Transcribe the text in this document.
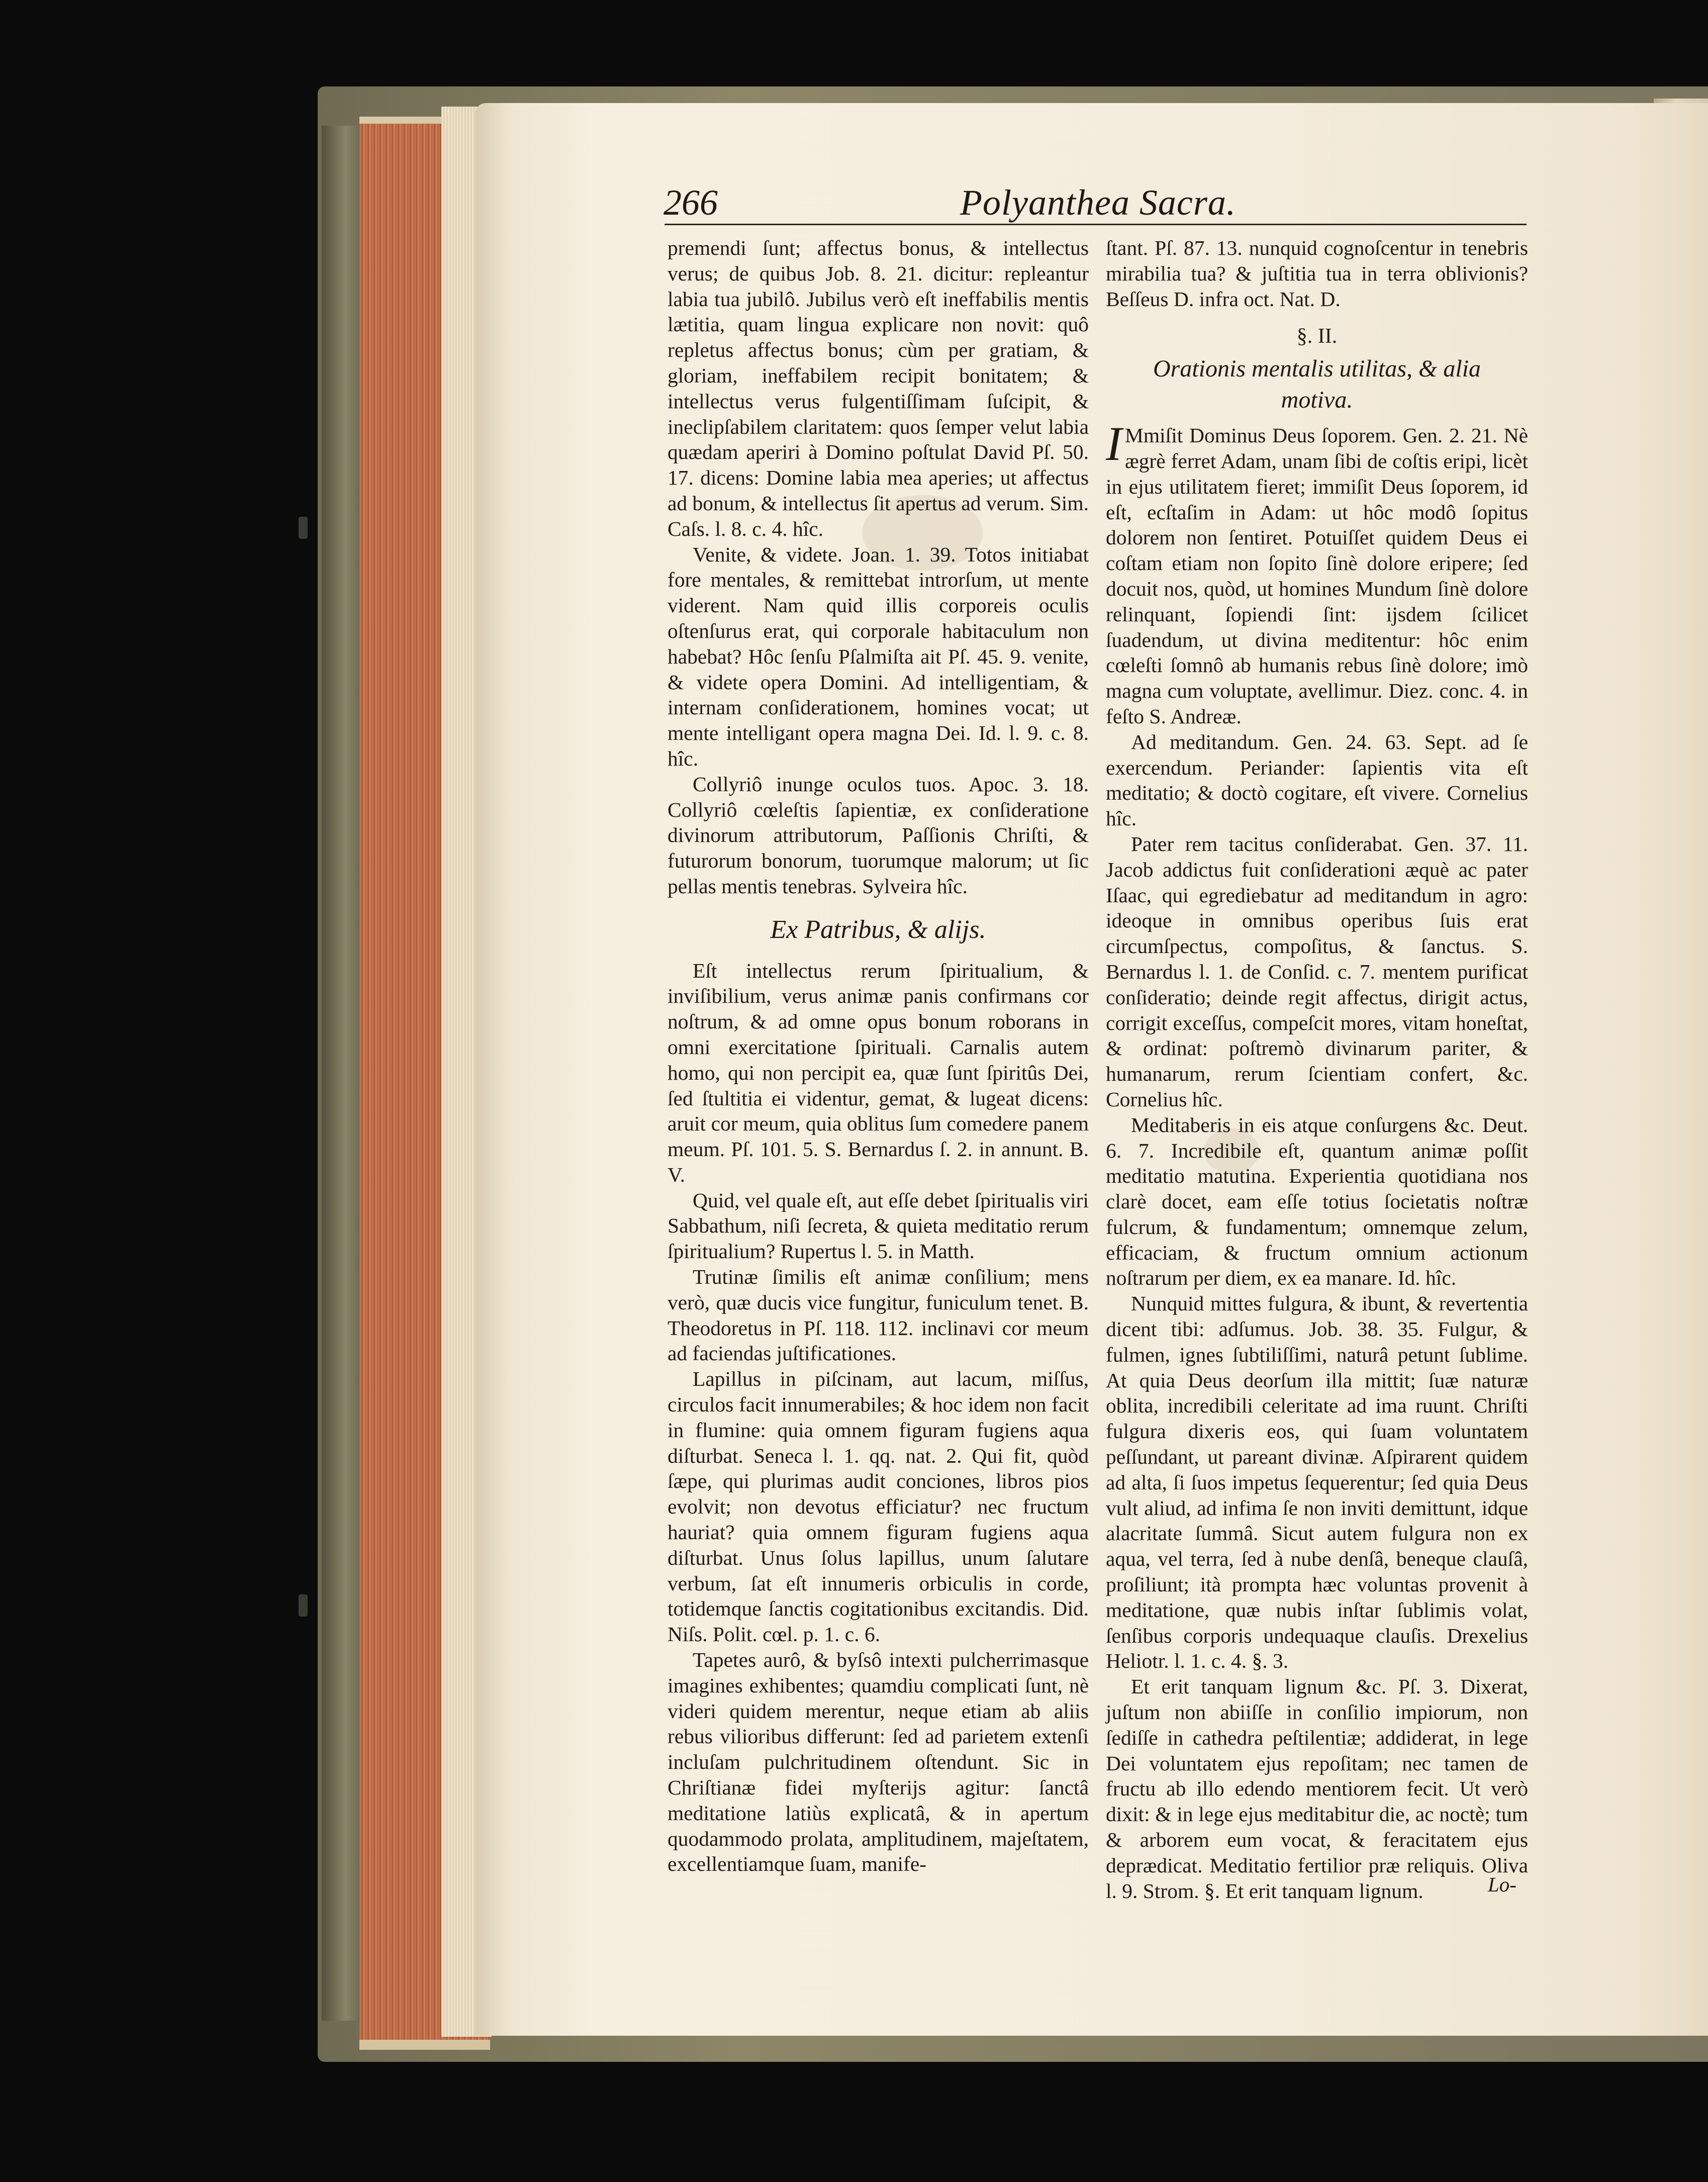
266	Polyanthea Sacra.

premendi ſunt; affectus bonus, & intellectus verus; de quibus Job. 8. 21. dicitur: repleantur labia tua jubilô. Jubilus verò eſt ineffabilis mentis lætitia, quam lingua explicare non novit: quô repletus affectus bonus; cùm per gratiam, & gloriam, ineffabilem recipit bonitatem; & intellectus verus fulgentiſſimam ſuſcipit, & ineclipſabilem claritatem: quos ſemper velut labia quædam aperiri à Domino poſtulat David Pſ. 50. 17. dicens: Domine labia mea aperies; ut affectus ad bonum, & intellectus ſit apertus ad verum. Sim. Caſs. l. 8. c. 4. hîc.

Venite, & videte. Joan. 1. 39. Totos initiabat fore mentales, & remittebat introrſum, ut mente viderent. Nam quid illis corporeis oculis oſtenſurus erat, qui corporale habitaculum non habebat? Hôc ſenſu Pſalmiſta ait Pſ. 45. 9. venite, & videte opera Domini. Ad intelligentiam, & internam conſiderationem, homines vocat; ut mente intelligant opera magna Dei. Id. l. 9. c. 8. hîc.

Collyriô inunge oculos tuos. Apoc. 3. 18. Collyriô cœleſtis ſapientiæ, ex conſideratione divinorum attributorum, Paſſionis Chriſti, & futurorum bonorum, tuorumque malorum; ut ſic pellas mentis tenebras. Sylveira hîc.

Ex Patribus, & alijs.

Eſt intellectus rerum ſpiritualium, & inviſibilium, verus animæ panis confirmans cor noſtrum, & ad omne opus bonum roborans in omni exercitatione ſpirituali. Carnalis autem homo, qui non percipit ea, quæ ſunt ſpiritûs Dei, ſed ſtultitia ei videntur, gemat, & lugeat dicens: aruit cor meum, quia oblitus ſum comedere panem meum. Pſ. 101. 5. S. Bernardus ſ. 2. in annunt. B. V.

Quid, vel quale eſt, aut eſſe debet ſpiritualis viri Sabbathum, niſi ſecreta, & quieta meditatio rerum ſpiritualium? Rupertus l. 5. in Matth.

Trutinæ ſimilis eſt animæ conſilium; mens verò, quæ ducis vice fungitur, funiculum tenet. B. Theodoretus in Pſ. 118. 112. inclinavi cor meum ad faciendas juſtificationes.

Lapillus in piſcinam, aut lacum, miſſus, circulos facit innumerabiles; & hoc idem non facit in flumine: quia omnem figuram fugiens aqua diſturbat. Seneca l. 1. qq. nat. 2. Qui fit, quòd ſæpe, qui plurimas audit conciones, libros pios evolvit; non devotus efficiatur? nec fructum hauriat? quia omnem figuram fugiens aqua diſturbat. Unus ſolus lapillus, unum ſalutare verbum, ſat eſt innumeris orbiculis in corde, totidemque ſanctis cogitationibus excitandis. Did. Niſs. Polit. cœl. p. 1. c. 6.

Tapetes aurô, & byſsô intexti pulcherrimasque imagines exhibentes; quamdiu complicati ſunt, nè videri quidem merentur, neque etiam ab aliis rebus vilioribus differunt: ſed ad parietem extenſi incluſam pulchritudinem oſtendunt. Sic in Chriſtianæ fidei myſterijs agitur: ſanctâ meditatione latiùs explicatâ, & in apertum quodammodo prolata, amplitudinem, majeſtatem, excellentiamque ſuam, manife-

ſtant. Pſ. 87. 13. nunquid cognoſcentur in tenebris mirabilia tua? & juſtitia tua in terra oblivionis? Beſſeus D. infra oct. Nat. D.

§. II.
Orationis mentalis utilitas, & alia
motiva.

I Mmiſit Dominus Deus ſoporem. Gen. 2. 21. Nè ægrè ferret Adam, unam ſibi de coſtis eripi, licèt in ejus utilitatem fieret; immiſit Deus ſoporem, id eſt, ecſtaſim in Adam: ut hôc modô ſopitus dolorem non ſentiret. Potuiſſet quidem Deus ei coſtam etiam non ſopito ſinè dolore eripere; ſed docuit nos, quòd, ut homines Mundum ſinè dolore relinquant, ſopiendi ſint: ijsdem ſcilicet ſuadendum, ut divina meditentur: hôc enim cœleſti ſomnô ab humanis rebus ſinè dolore; imò magna cum voluptate, avellimur. Diez. conc. 4. in feſto S. Andreæ.

Ad meditandum. Gen. 24. 63. Sept. ad ſe exercendum. Periander: ſapientis vita eſt meditatio; & doctò cogitare, eſt vivere. Cornelius hîc.

Pater rem tacitus conſiderabat. Gen. 37. 11. Jacob addictus fuit conſiderationi æquè ac pater Iſaac, qui egrediebatur ad meditandum in agro: ideoque in omnibus operibus ſuis erat circumſpectus, compoſitus, & ſanctus. S. Bernardus l. 1. de Conſid. c. 7. mentem purificat conſideratio; deinde regit affectus, dirigit actus, corrigit exceſſus, compeſcit mores, vitam honeſtat, & ordinat: poſtremò divinarum pariter, & humanarum, rerum ſcientiam confert, &c. Cornelius hîc.

Meditaberis in eis atque conſurgens &c. Deut. 6. 7. Incredibile eſt, quantum animæ poſſit meditatio matutina. Experientia quotidiana nos clarè docet, eam eſſe totius ſocietatis noſtræ fulcrum, & fundamentum; omnemque zelum, efficaciam, & fructum omnium actionum noſtrarum per diem, ex ea manare. Id. hîc.

Nunquid mittes fulgura, & ibunt, & revertentia dicent tibi: adſumus. Job. 38. 35. Fulgur, & fulmen, ignes ſubtiliſſimi, naturâ petunt ſublime. At quia Deus deorſum illa mittit; ſuæ naturæ oblita, incredibili celeritate ad ima ruunt. Chriſti fulgura dixeris eos, qui ſuam voluntatem peſſundant, ut pareant divinæ. Aſpirarent quidem ad alta, ſi ſuos impetus ſequerentur; ſed quia Deus vult aliud, ad infima ſe non inviti demittunt, idque alacritate ſummâ. Sicut autem fulgura non ex aqua, vel terra, ſed à nube denſâ, beneque clauſâ, proſiliunt; ità prompta hæc voluntas provenit à meditatione, quæ nubis inſtar ſublimis volat, ſenſibus corporis undequaque clauſis. Drexelius Heliotr. l. 1. c. 4. §. 3.

Et erit tanquam lignum &c. Pſ. 3. Dixerat, juſtum non abiiſſe in conſilio impiorum, non ſediſſe in cathedra peſtilentiæ; addiderat, in lege Dei voluntatem ejus repoſitam; nec tamen de fructu ab illo edendo mentiorem fecit. Ut verò dixit: & in lege ejus meditabitur die, ac noctè; tum & arborem eum vocat, & feracitatem ejus deprædicat. Meditatio fertilior præ reliquis. Oliva l. 9. Strom. §. Et erit tanquam lignum.	Lo-
